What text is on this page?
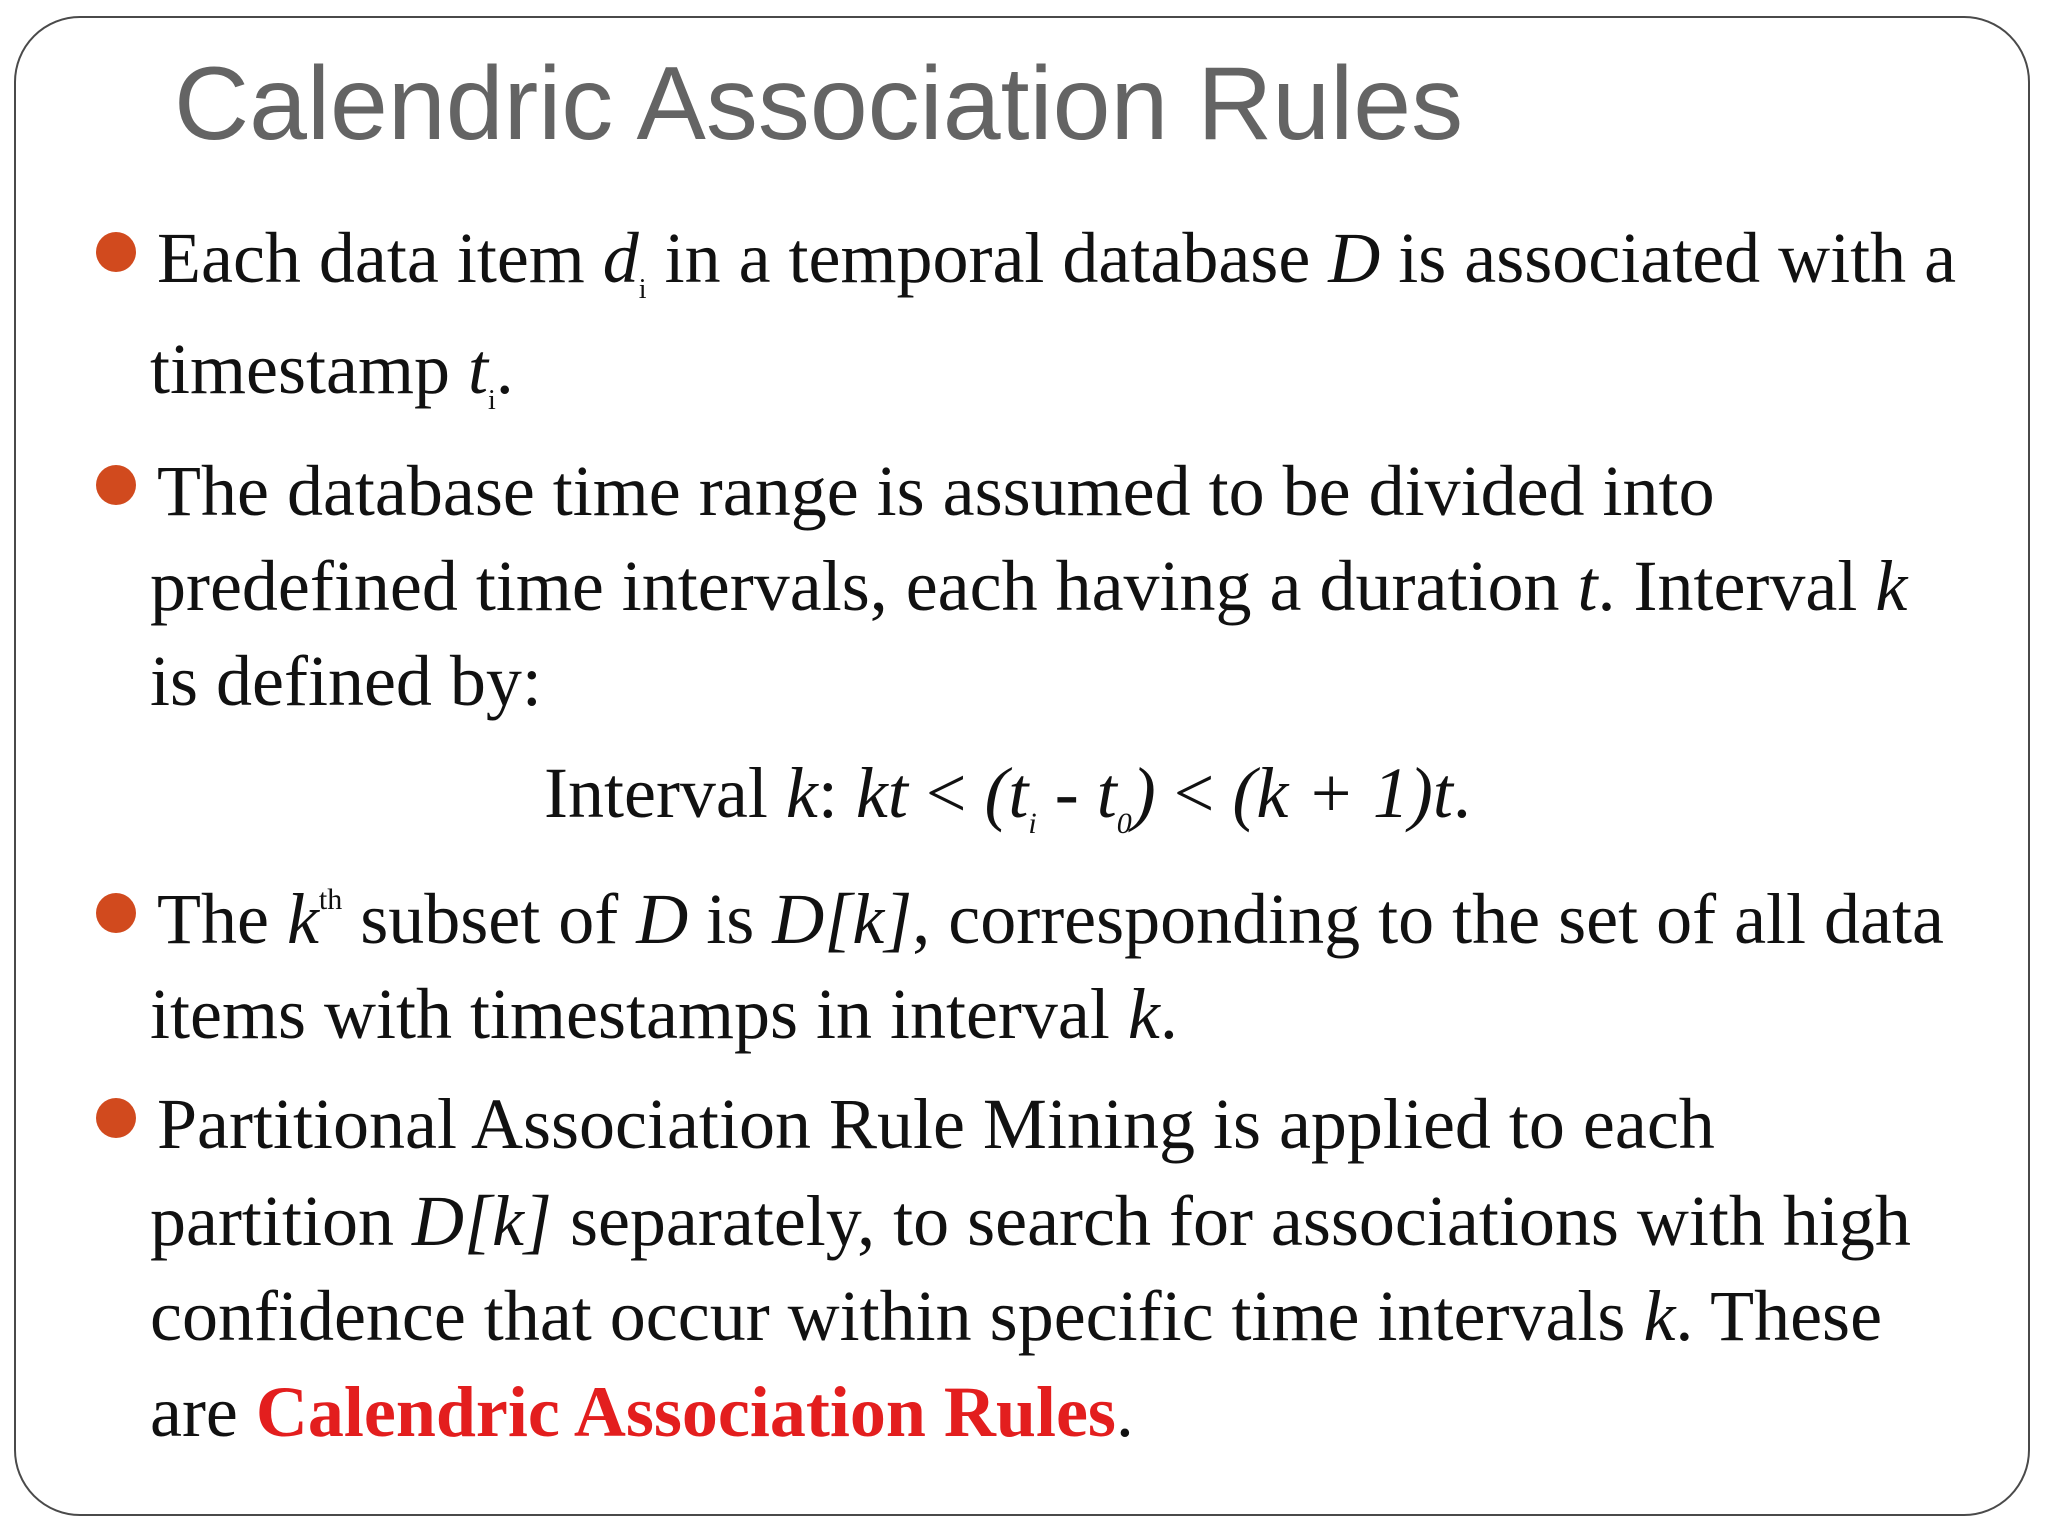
Calendric Association Rules
Each data item $d_i$ in a temporal database D is associated with a
timestamp $t_i$.
The database time range is assumed to be divided into
predefined time intervals, each having a duration t. Interval k
is defined by:
Interval k: kt < $(t_i - t_0) < (k + 1)t$.
The $k^{th}$ subset of D is D[k], corresponding to the set of all data
items with timestamps in interval k.
Partitional Association Rule Mining is applied to each
partition D[k] separately, to search for associations with high
confidence that occur within specific time intervals k. These
are Calendric Association Rules.
